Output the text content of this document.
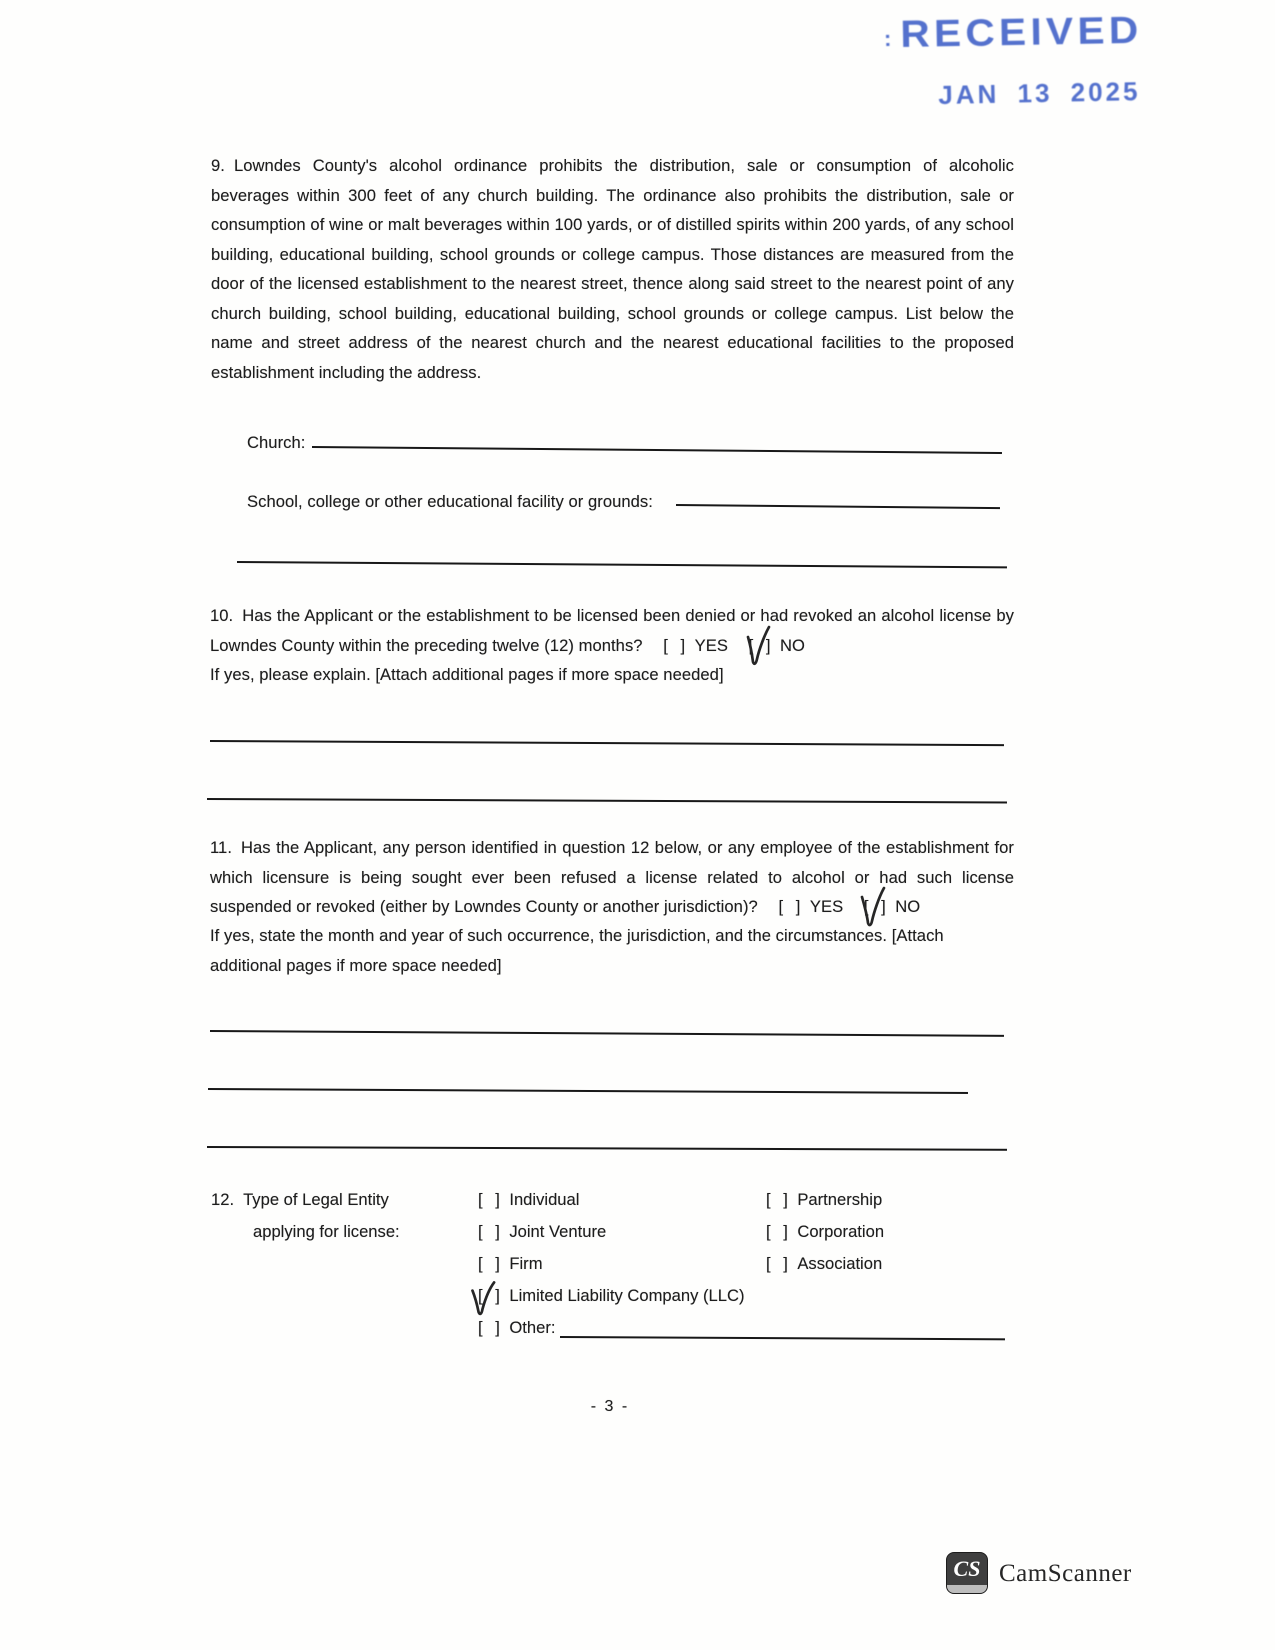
: RECEIVED
JAN 13 2025
9. Lowndes County's alcohol ordinance prohibits the distribution, sale or consumption of alcoholic beverages within 300 feet of any church building. The ordinance also prohibits the distribution, sale or consumption of wine or malt beverages within 100 yards, or of distilled spirits within 200 yards, of any school building, educational building, school grounds or college campus. Those distances are measured from the door of the licensed establishment to the nearest street, thence along said street to the nearest point of any church building, school building, educational building, school grounds or college campus. List below the name and street address of the nearest church and the nearest educational facilities to the proposed establishment including the address.
Church:
School, college or other educational facility or grounds:
10. Has the Applicant or the establishment to be licensed been denied or had revoked an alcohol license by Lowndes County within the preceding twelve (12) months? [ ] YES [ ] NO
If yes, please explain. [Attach additional pages if more space needed]
11. Has the Applicant, any person identified in question 12 below, or any employee of the establishment for which licensure is being sought ever been refused a license related to alcohol or had such license suspended or revoked (either by Lowndes County or another jurisdiction)? [ ] YES [ ] NO
If yes, state the month and year of such occurrence, the jurisdiction, and the circumstances. [Attach additional pages if more space needed]
12. Type of Legal Entity
applying for license:
[ ] Individual
[ ] Joint Venture
[ ] Firm
[ ] Limited Liability Company (LLC)
[ ] Other:
[ ] Partnership
[ ] Corporation
[ ] Association
- 3 -
CS CamScanner
